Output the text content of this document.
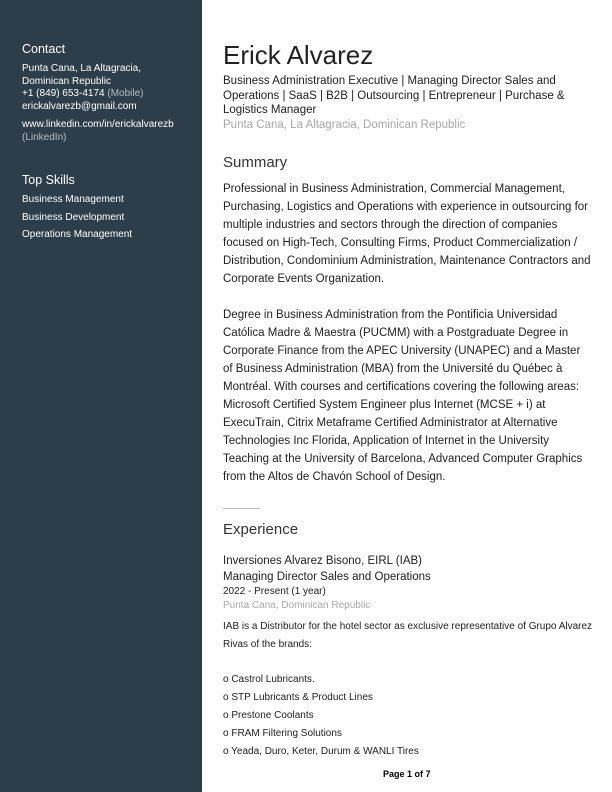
Contact
Punta Cana, La Altagracia,
Dominican Republic
+1 (849) 653-4174 (Mobile)
erickalvarezb@gmail.com
www.linkedin.com/in/erickalvarezb
(LinkedIn)
Top Skills
Business Management
Business Development
Operations Management
Erick Alvarez
Business Administration Executive | Managing Director Sales and Operations | SaaS | B2B | Outsourcing | Entrepreneur | Purchase & Logistics Manager
Punta Cana, La Altagracia, Dominican Republic
Summary

Professional in Business Administration, Commercial Management, Purchasing, Logistics and Operations with experience in outsourcing for multiple industries and sectors through the direction of companies focused on High-Tech, Consulting Firms, Product Commercialization / Distribution, Condominium Administration, Maintenance Contractors and Corporate Events Organization.

Degree in Business Administration from the Pontificia Universidad Católica Madre & Maestra (PUCMM) with a Postgraduate Degree in Corporate Finance from the APEC University (UNAPEC) and a Master of Business Administration (MBA) from the Université du Québec à Montréal. With courses and certifications covering the following areas: Microsoft Certified System Engineer plus Internet (MCSE + i) at ExecuTrain, Citrix Metaframe Certified Administrator at Alternative Technologies Inc Florida, Application of Internet in the University Teaching at the University of Barcelona, Advanced Computer Graphics from the Altos de Chavón School of Design.

Experience
Inversiones Alvarez Bisono, EIRL (IAB)
Managing Director Sales and Operations
2022 - Present (1 year)
Punta Cana, Dominican Republic
IAB is a Distributor for the hotel sector as exclusive representative of Grupo Alvarez Rivas of the brands:
o Castrol Lubricants.
o STP Lubricants & Product Lines
o Prestone Coolants
o FRAM Filtering Solutions
o Yeada, Duro, Keter, Durum & WANLI Tires
Page 1 of 7
